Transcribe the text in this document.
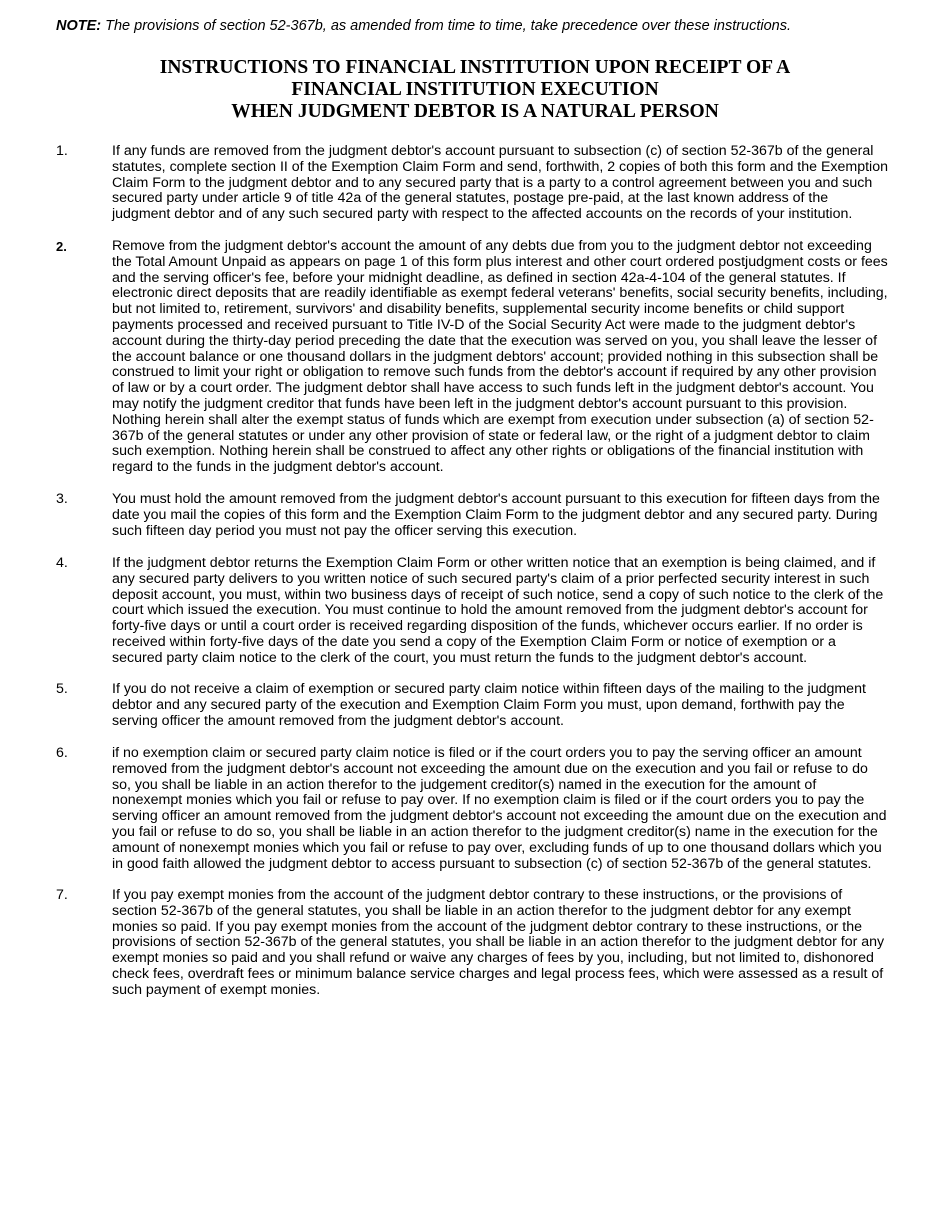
NOTE: The provisions of section 52-367b, as amended from time to time, take precedence over these instructions.
INSTRUCTIONS TO FINANCIAL INSTITUTION UPON RECEIPT OF A
FINANCIAL INSTITUTION EXECUTION
WHEN JUDGMENT DEBTOR IS A NATURAL PERSON
1.	If any funds are removed from the judgment debtor's account pursuant to subsection (c) of section 52-367b of the general statutes, complete section II of the Exemption Claim Form and send, forthwith, 2 copies of both this form and the Exemption Claim Form to the judgment debtor and to any secured party that is a party to a control agreement between you and such secured party under article 9 of title 42a of the general statutes, postage pre-paid, at the last known address of the judgment debtor and of any such secured party with respect to the affected accounts on the records of your institution.
2.	Remove from the judgment debtor's account the amount of any debts due from you to the judgment debtor not exceeding the Total Amount Unpaid as appears on page 1 of this form plus interest and other court ordered postjudgment costs or fees and the serving officer's fee, before your midnight deadline, as defined in section 42a-4-104 of the general statutes. If electronic direct deposits that are readily identifiable as exempt federal veterans' benefits, social security benefits, including, but not limited to, retirement, survivors' and disability benefits, supplemental security income benefits or child support payments processed and received pursuant to Title IV-D of the Social Security Act were made to the judgment debtor's account during the thirty-day period preceding the date that the execution was served on you, you shall leave the lesser of the account balance or one thousand dollars in the judgment debtors' account; provided nothing in this subsection shall be construed to limit your right or obligation to remove such funds from the debtor's account if required by any other provision of law or by a court order. The judgment debtor shall have access to such funds left in the judgment debtor's account. You may notify the judgment creditor that funds have been left in the judgment debtor's account pursuant to this provision. Nothing herein shall alter the exempt status of funds which are exempt from execution under subsection (a) of section 52-367b of the general statutes or under any other provision of state or federal law, or the right of a judgment debtor to claim such exemption. Nothing herein shall be construed to affect any other rights or obligations of the financial institution with regard to the funds in the judgment debtor's account.
3.	You must hold the amount removed from the judgment debtor's account pursuant to this execution for fifteen days from the date you mail the copies of this form and the Exemption Claim Form to the judgment debtor and any secured party. During such fifteen day period you must not pay the officer serving this execution.
4.	If the judgment debtor returns the Exemption Claim Form or other written notice that an exemption is being claimed, and if any secured party delivers to you written notice of such secured party's claim of a prior perfected security interest in such deposit account, you must, within two business days of receipt of such notice, send a copy of such notice to the clerk of the court which issued the execution. You must continue to hold the amount removed from the judgment debtor's account for forty-five days or until a court order is received regarding disposition of the funds, whichever occurs earlier. If no order is received within forty-five days of the date you send a copy of the Exemption Claim Form or notice of exemption or a secured party claim notice to the clerk of the court, you must return the funds to the judgment debtor's account.
5.	If you do not receive a claim of exemption or secured party claim notice within fifteen days of the mailing to the judgment debtor and any secured party of the execution and Exemption Claim Form you must, upon demand, forthwith pay the serving officer the amount removed from the judgment debtor's account.
6.	if no exemption claim or secured party claim notice is filed or if the court orders you to pay the serving officer an amount removed from the judgment debtor's account not exceeding the amount due on the execution and you fail or refuse to do so, you shall be liable in an action therefor to the judgement creditor(s) named in the execution for the amount of nonexempt monies which you fail or refuse to pay over. If no exemption claim is filed or if the court orders you to pay the serving officer an amount removed from the judgment debtor's account not exceeding the amount due on the execution and you fail or refuse to do so, you shall be liable in an action therefor to the judgment creditor(s) name in the execution for the amount of nonexempt monies which you fail or refuse to pay over, excluding funds of up to one thousand dollars which you in good faith allowed the judgment debtor to access pursuant to subsection (c) of section 52-367b of the general statutes.
7.	If you pay exempt monies from the account of the judgment debtor contrary to these instructions, or the provisions of section 52-367b of the general statutes, you shall be liable in an action therefor to the judgment debtor for any exempt monies so paid. If you pay exempt monies from the account of the judgment debtor contrary to these instructions, or the provisions of section 52-367b of the general statutes, you shall be liable in an action therefor to the judgment debtor for any exempt monies so paid and you shall refund or waive any charges of fees by you, including, but not limited to, dishonored check fees, overdraft fees or minimum balance service charges and legal process fees, which were assessed as a result of such payment of exempt monies.
